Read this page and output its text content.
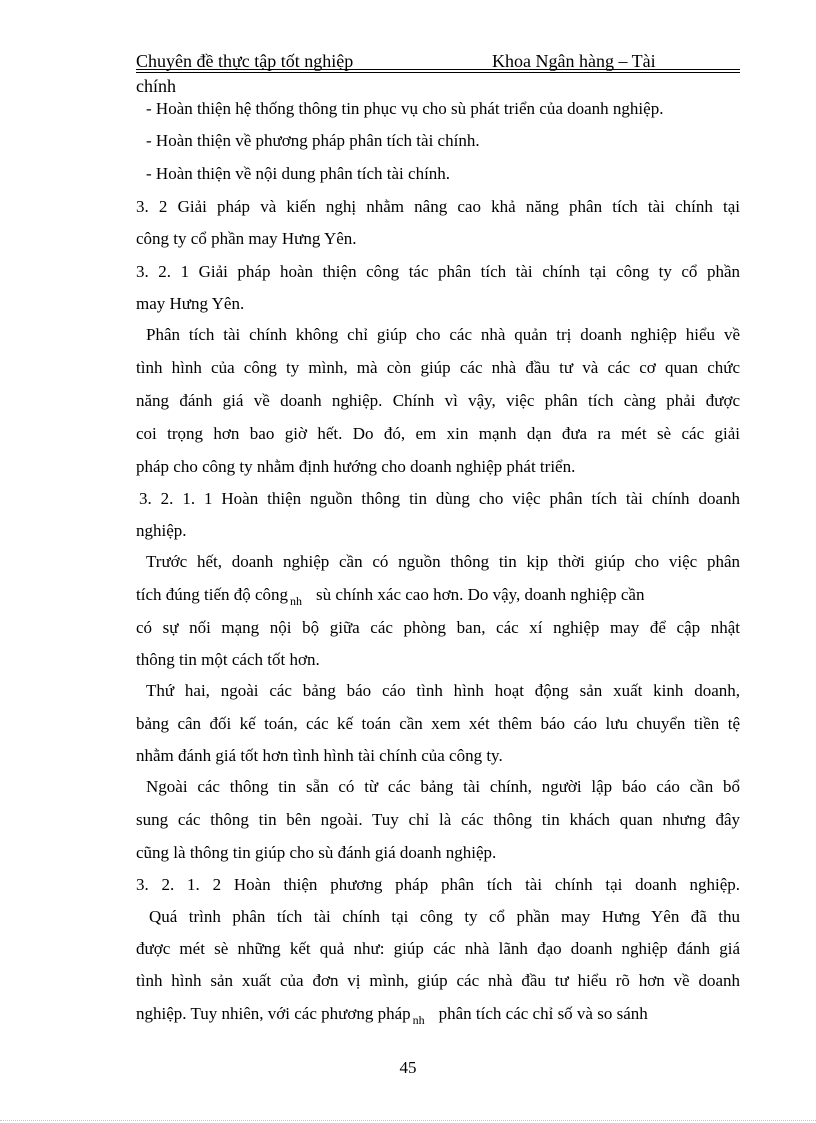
Chuyên đề thực tập tốt nghiệp	Khoa Ngân hàng – Tài
chính
- Hoàn thiện hệ thống thông tin phục vụ cho sù phát triển của doanh nghiệp.
- Hoàn thiện về phương pháp phân tích tài chính.
- Hoàn thiện về nội dung phân tích tài chính.
3. 2 Giải pháp và kiến nghị nhằm nâng cao khả năng phân tích tài chính tại
công ty cổ phần may Hưng Yên.
3. 2. 1 Giải pháp hoàn thiện công tác phân tích tài chính tại công ty cổ phần
may Hưng Yên.
Phân tích tài chính không chỉ giúp cho các nhà quản trị doanh nghiệp hiểu về
tình hình của công ty mình, mà còn giúp các nhà đầu tư và các cơ quan chức
năng đánh giá về doanh nghiệp. Chính vì vậy, việc phân tích càng phải được
coi trọng hơn bao giờ hết. Do đó, em xin mạnh dạn đưa ra mét sè các giải
pháp cho công ty nhằm định hướng cho doanh nghiệp phát triển.
3. 2. 1. 1 Hoàn thiện nguồn thông tin dùng cho việc phân tích tài chính doanh
nghiệp.
Trước hết, doanh nghiệp cần có nguồn thông tin kịp thời giúp cho việc phân
tích đúng tiến độ công $_{nh}$ sù chính xác cao hơn. Do vậy, doanh nghiệp cần
có sự nối mạng nội bộ giữa các phòng ban, các xí nghiệp may để cập nhật
thông tin một cách tốt hơn.
Thứ hai, ngoài các bảng báo cáo tình hình hoạt động sản xuất kinh doanh,
bảng cân đối kế toán, các kế toán cần xem xét thêm báo cáo lưu chuyển tiền tệ
nhằm đánh giá tốt hơn tình hình tài chính của công ty.
Ngoài các thông tin sẵn có từ các bảng tài chính, người lập báo cáo cần bổ
sung các thông tin bên ngoài. Tuy chỉ là các thông tin khách quan nhưng đây
cũng là thông tin giúp cho sù đánh giá doanh nghiệp.
3. 2. 1. 2 Hoàn thiện phương pháp phân tích tài chính tại doanh nghiệp.
Quá trình phân tích tài chính tại công ty cổ phần may Hưng Yên đã thu
được mét sè những kết quả như: giúp các nhà lãnh đạo doanh nghiệp đánh giá
tình hình sản xuất của đơn vị mình, giúp các nhà đầu tư hiểu rõ hơn về doanh
nghiệp. Tuy nhiên, với các phương pháp $_{nh}$ phân tích các chỉ số và so sánh
45
